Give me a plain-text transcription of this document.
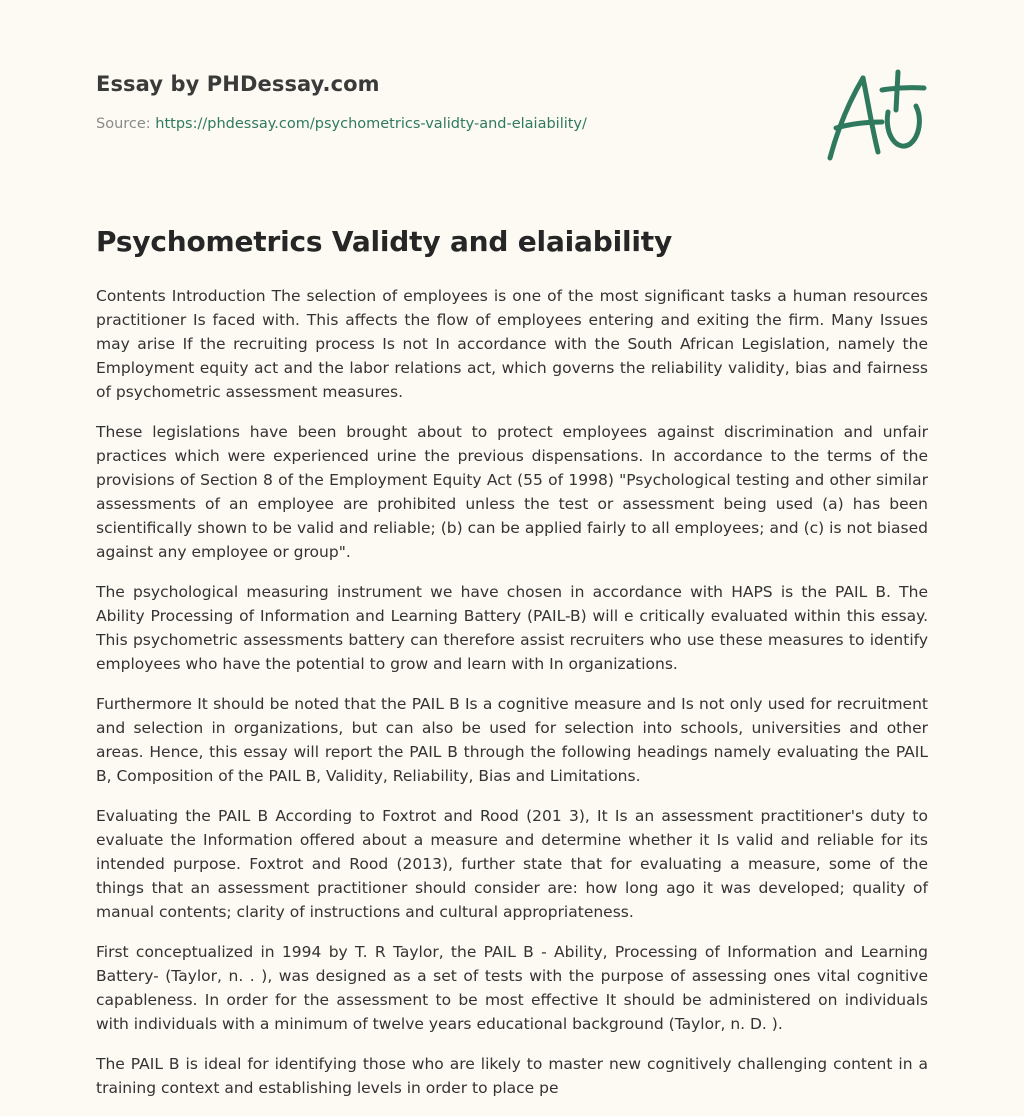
Essay by PHDessay.com
Source: https://phdessay.com/psychometrics-validty-and-elaiability/
Psychometrics Validty and elaiability

Contents Introduction The selection of employees is one of the most significant tasks a human resources practitioner Is faced with. This affects the flow of employees entering and exiting the firm. Many Issues may arise If the recruiting process Is not In accordance with the South African Legislation, namely the Employment equity act and the labor relations act, which governs the reliability validity, bias and fairness of psychometric assessment measures.

These legislations have been brought about to protect employees against discrimination and unfair practices which were experienced urine the previous dispensations. In accordance to the terms of the provisions of Section 8 of the Employment Equity Act (55 of 1998) "Psychological testing and other similar assessments of an employee are prohibited unless the test or assessment being used (a) has been scientifically shown to be valid and reliable; (b) can be applied fairly to all employees; and (c) is not biased against any employee or group".

The psychological measuring instrument we have chosen in accordance with HAPS is the PAIL B. The Ability Processing of Information and Learning Battery (PAIL-B) will e critically evaluated within this essay. This psychometric assessments battery can therefore assist recruiters who use these measures to identify employees who have the potential to grow and learn with In organizations.

Furthermore It should be noted that the PAIL B Is a cognitive measure and Is not only used for recruitment and selection in organizations, but can also be used for selection into schools, universities and other areas. Hence, this essay will report the PAIL B through the following headings namely evaluating the PAIL B, Composition of the PAIL B, Validity, Reliability, Bias and Limitations.

Evaluating the PAIL B According to Foxtrot and Rood (201 3), It Is an assessment practitioner's duty to evaluate the Information offered about a measure and determine whether it Is valid and reliable for its intended purpose. Foxtrot and Rood (2013), further state that for evaluating a measure, some of the things that an assessment practitioner should consider are: how long ago it was developed; quality of manual contents; clarity of instructions and cultural appropriateness.

First conceptualized in 1994 by T. R Taylor, the PAIL B - Ability, Processing of Information and Learning Battery- (Taylor, n. . ), was designed as a set of tests with the purpose of assessing ones vital cognitive capableness. In order for the assessment to be most effective It should be administered on individuals with individuals with a minimum of twelve years educational background (Taylor, n. D. ).

The PAIL B is ideal for identifying those who are likely to master new cognitively challenging content in a training context and establishing levels in order to place pe
